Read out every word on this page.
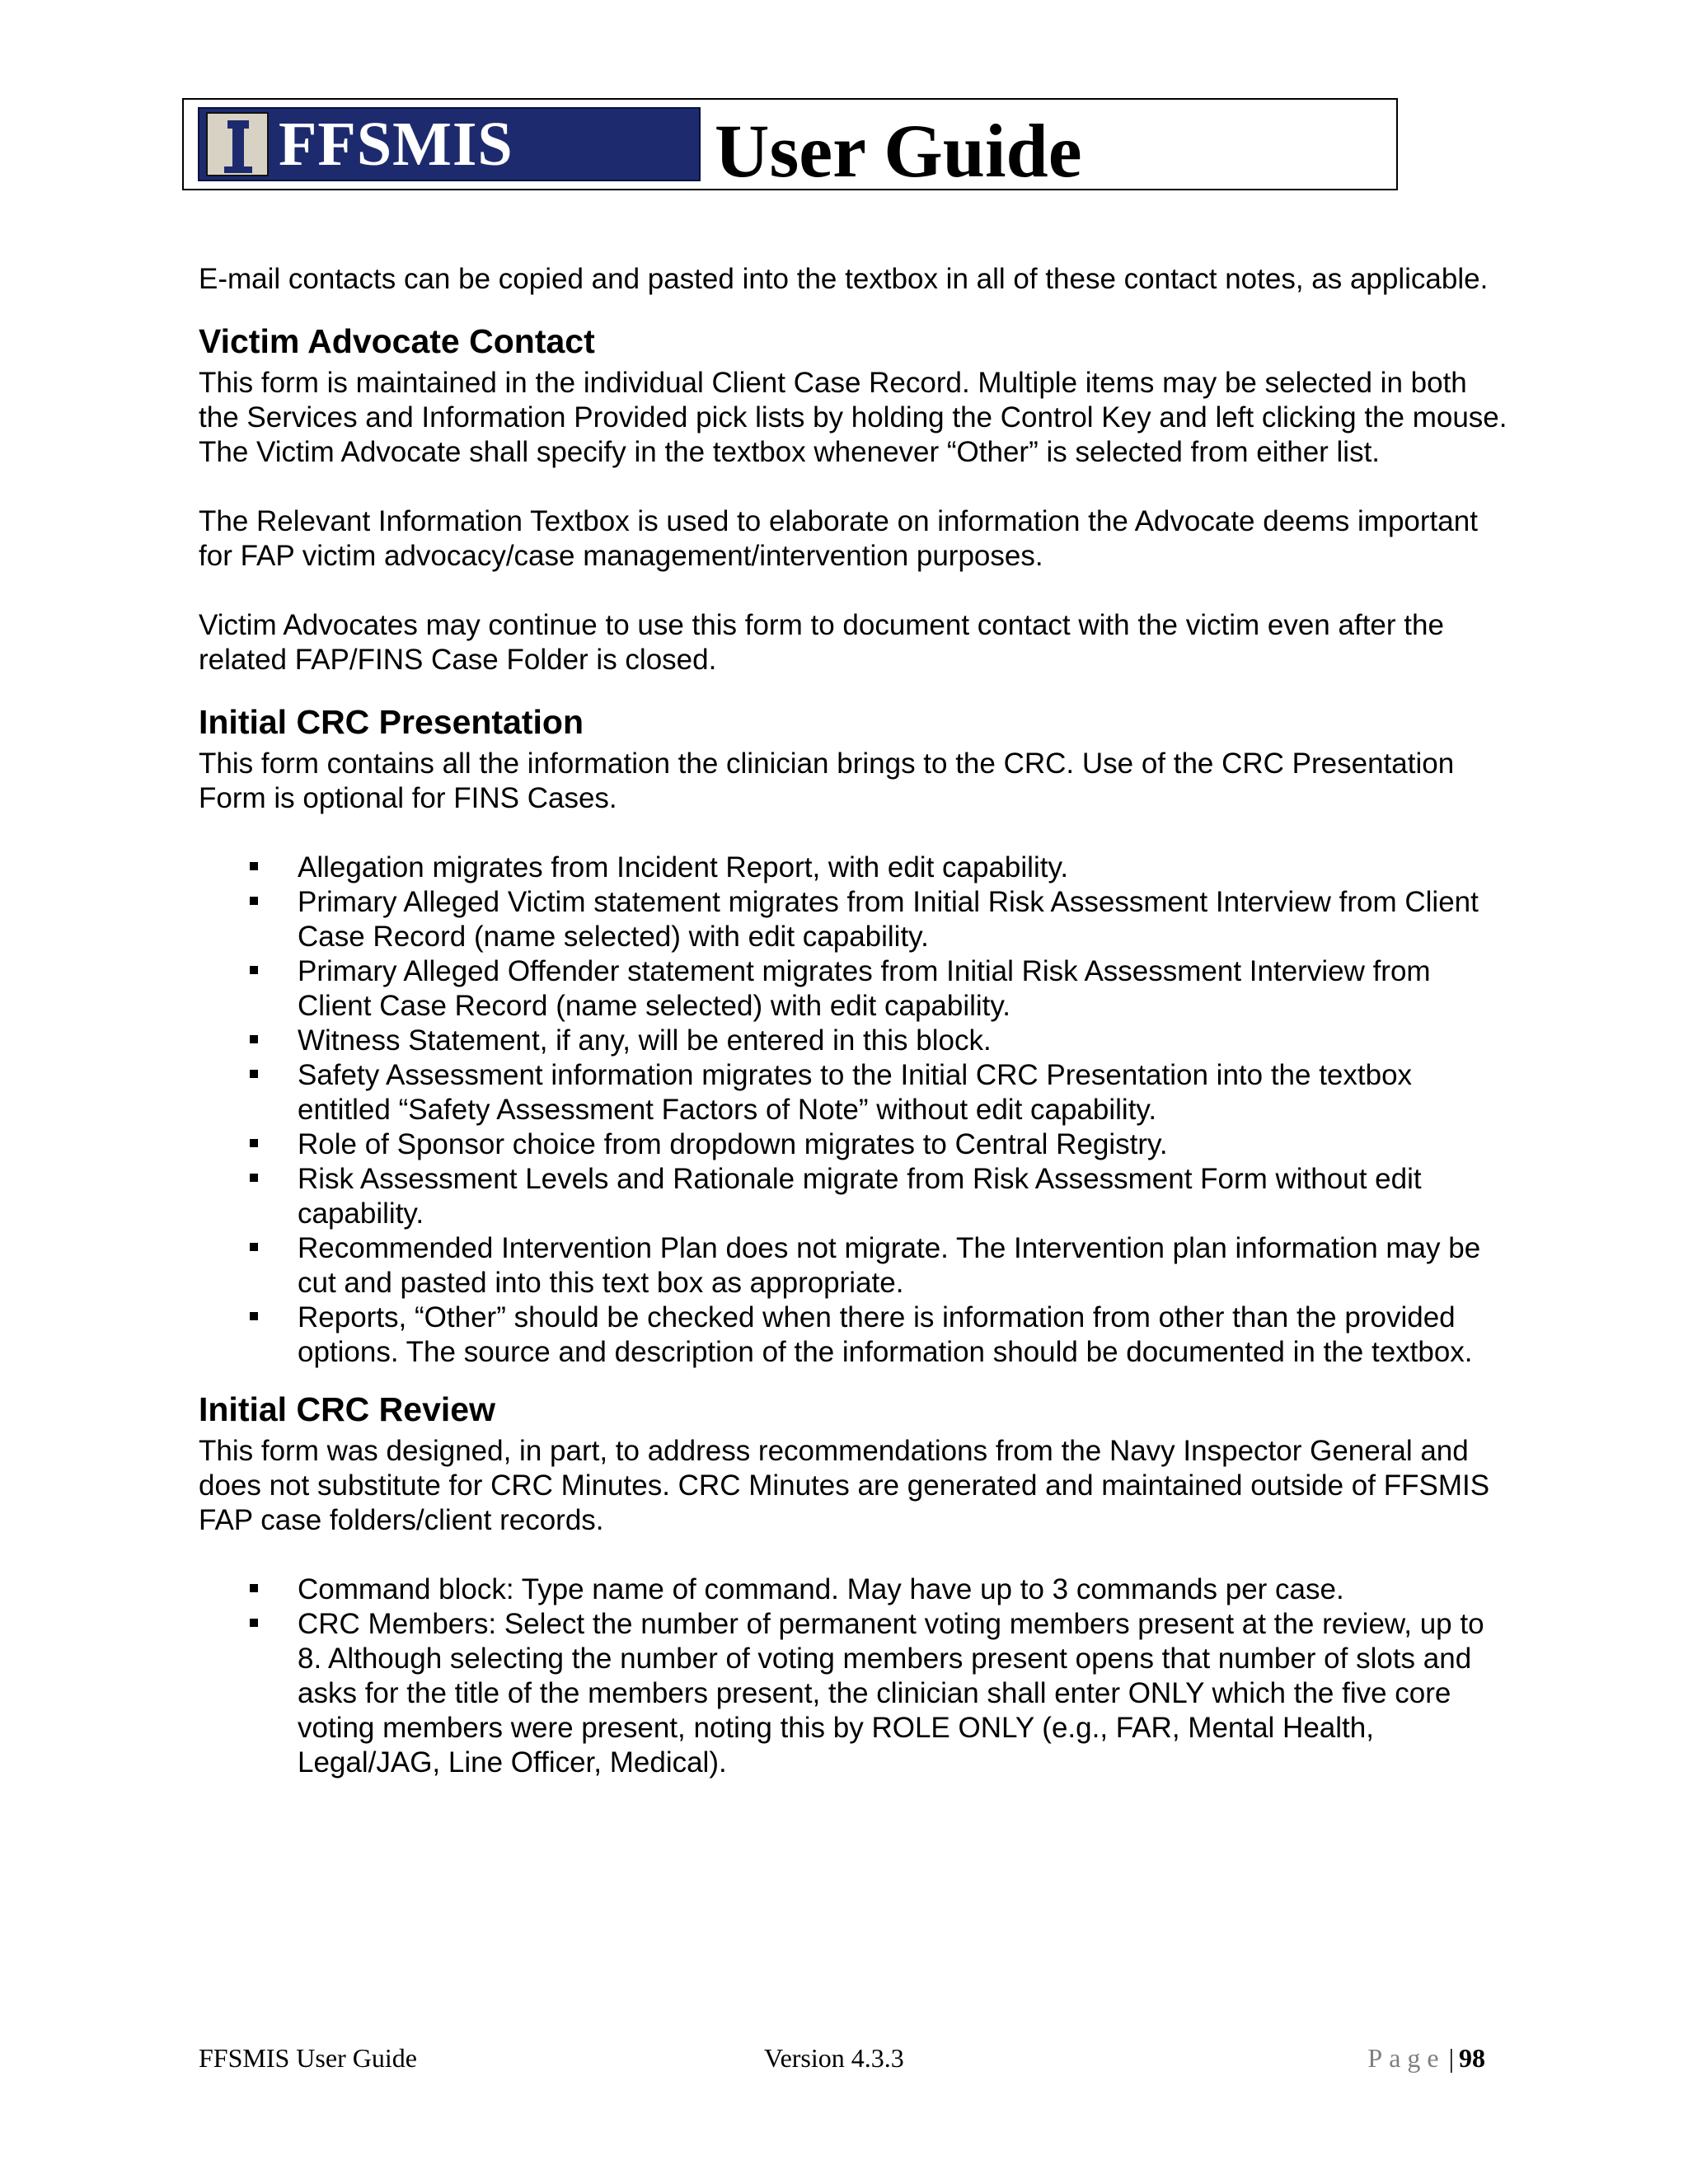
FFSMIS	User Guide

E-mail contacts can be copied and pasted into the textbox in all of these contact notes, as applicable.

Victim Advocate Contact

This form is maintained in the individual Client Case Record. Multiple items may be selected in both the Services and Information Provided pick lists by holding the Control Key and left clicking the mouse. The Victim Advocate shall specify in the textbox whenever “Other” is selected from either list.

The Relevant Information Textbox is used to elaborate on information the Advocate deems important for FAP victim advocacy/case management/intervention purposes.

Victim Advocates may continue to use this form to document contact with the victim even after the related FAP/FINS Case Folder is closed.

Initial CRC Presentation

This form contains all the information the clinician brings to the CRC. Use of the CRC Presentation Form is optional for FINS Cases.

Allegation migrates from Incident Report, with edit capability.
Primary Alleged Victim statement migrates from Initial Risk Assessment Interview from Client Case Record (name selected) with edit capability.
Primary Alleged Offender statement migrates from Initial Risk Assessment Interview from Client Case Record (name selected) with edit capability.
Witness Statement, if any, will be entered in this block.
Safety Assessment information migrates to the Initial CRC Presentation into the textbox entitled “Safety Assessment Factors of Note” without edit capability.
Role of Sponsor choice from dropdown migrates to Central Registry.
Risk Assessment Levels and Rationale migrate from Risk Assessment Form without edit capability.
Recommended Intervention Plan does not migrate. The Intervention plan information may be cut and pasted into this text box as appropriate.
Reports, “Other” should be checked when there is information from other than the provided options. The source and description of the information should be documented in the textbox.
Initial CRC Review

This form was designed, in part, to address recommendations from the Navy Inspector General and does not substitute for CRC Minutes. CRC Minutes are generated and maintained outside of FFSMIS FAP case folders/client records.

Command block: Type name of command. May have up to 3 commands per case.
CRC Members: Select the number of permanent voting members present at the review, up to 8. Although selecting the number of voting members present opens that number of slots and asks for the title of the members present, the clinician shall enter ONLY which the five core voting members were present, noting this by ROLE ONLY (e.g., FAR, Mental Health, Legal/JAG, Line Officer, Medical).
FFSMIS User Guide	Version 4.3.3	Page | 98
